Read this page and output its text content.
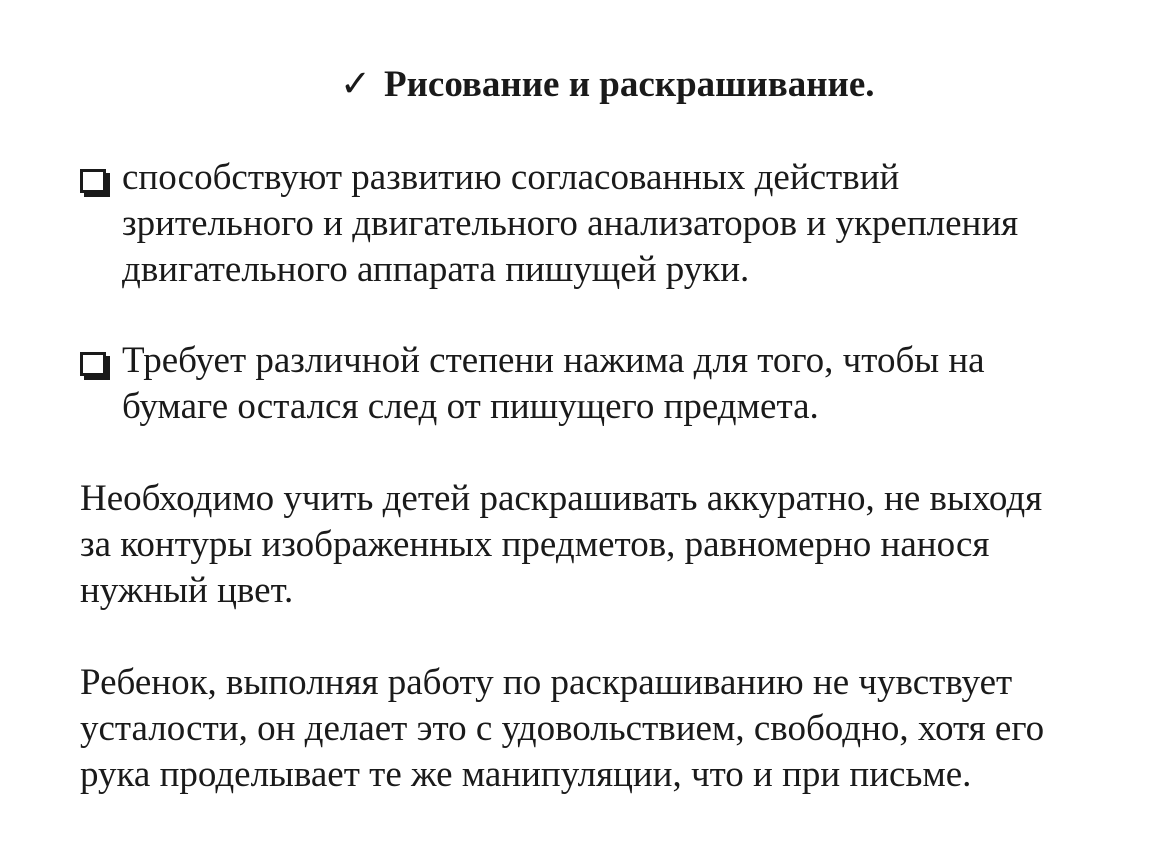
✓ Рисование и раскрашивание.
способствуют развитию согласованных действий
зрительного и двигательного анализаторов и укрепления
двигательного аппарата пишущей руки.
Требует различной степени нажима для того, чтобы на
бумаге остался след от пишущего предмета.
Необходимо учить детей раскрашивать аккуратно, не выходя
за контуры изображенных предметов, равномерно нанося
нужный цвет.
Ребенок, выполняя работу по раскрашиванию не чувствует
усталости, он делает это с удовольствием, свободно, хотя его
рука проделывает те же манипуляции, что и при письме.
